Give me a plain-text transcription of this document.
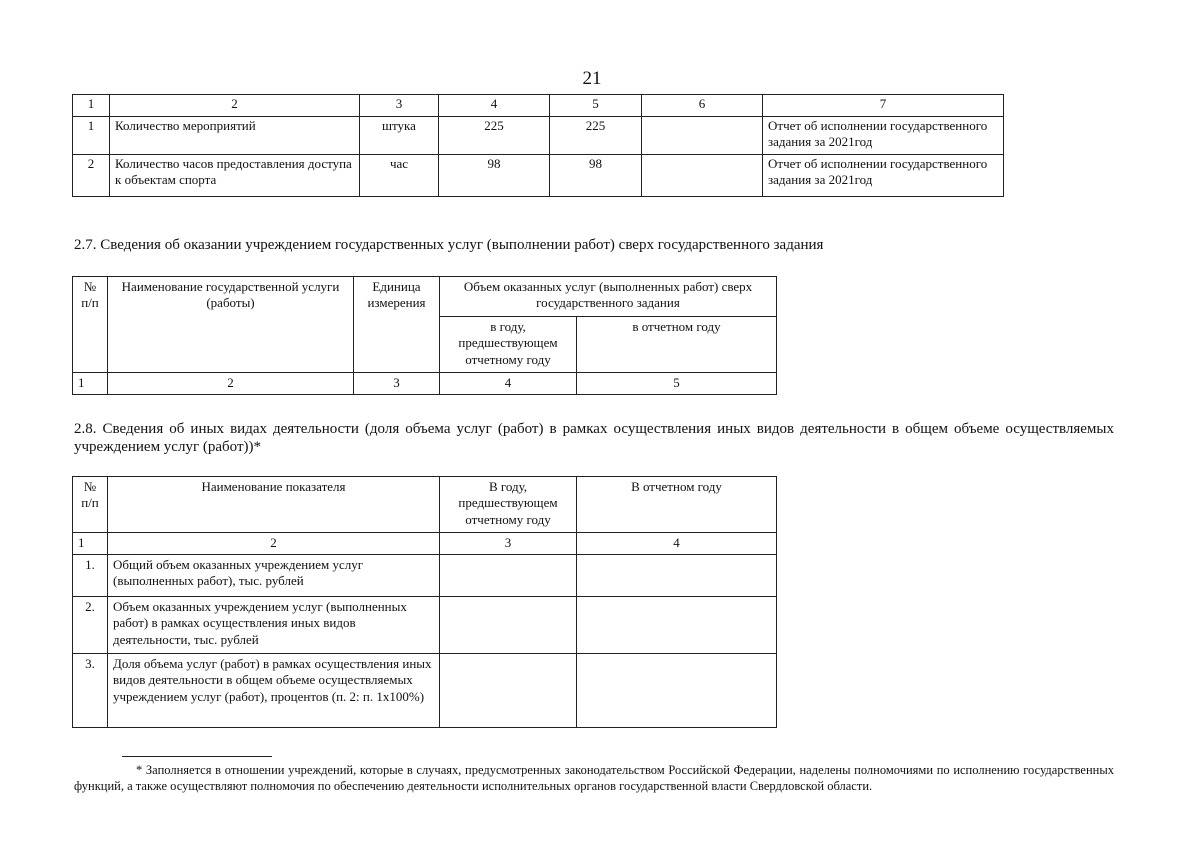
21
1	2	3	4	5	6	7
1	Количество мероприятий	штука	225	225		Отчет об исполнении государственного задания за 2021год
2	Количество часов предоставления доступа к объектам спорта	час	98	98		Отчет об исполнении государственного задания за 2021год
2.7. Сведения об оказании учреждением государственных услуг (выполнении работ) сверх государственного задания
№ п/п	Наименование государственной услуги (работы)	Единица измерения	Объем оказанных услуг (выполненных работ) сверх государственного задания	
			в году, предшествующем отчетному году	в отчетном году
1	2	3	4	5
2.8. Сведения об иных видах деятельности (доля объема услуг (работ) в рамках осуществления иных видов деятельности в общем объеме осуществляемых учреждением услуг (работ))*
№ п/п	Наименование показателя	В году, предшествующем отчетному году	В отчетном году
1	2	3	4
1.	Общий объем оказанных учреждением услуг (выполненных работ), тыс. рублей		
2.	Объем оказанных учреждением услуг (выполненных работ) в рамках осуществления иных видов деятельности, тыс. рублей		
3.	Доля объема услуг (работ) в рамках осуществления иных видов деятельности в общем объеме осуществляемых учреждением услуг (работ), процентов (п. 2: п. 1х100%)		
* Заполняется в отношении учреждений, которые в случаях, предусмотренных законодательством Российской Федерации, наделены полномочиями по исполнению государственных функций, а также осуществляют полномочия по обеспечению деятельности исполнительных органов государственной власти Свердловской области.
